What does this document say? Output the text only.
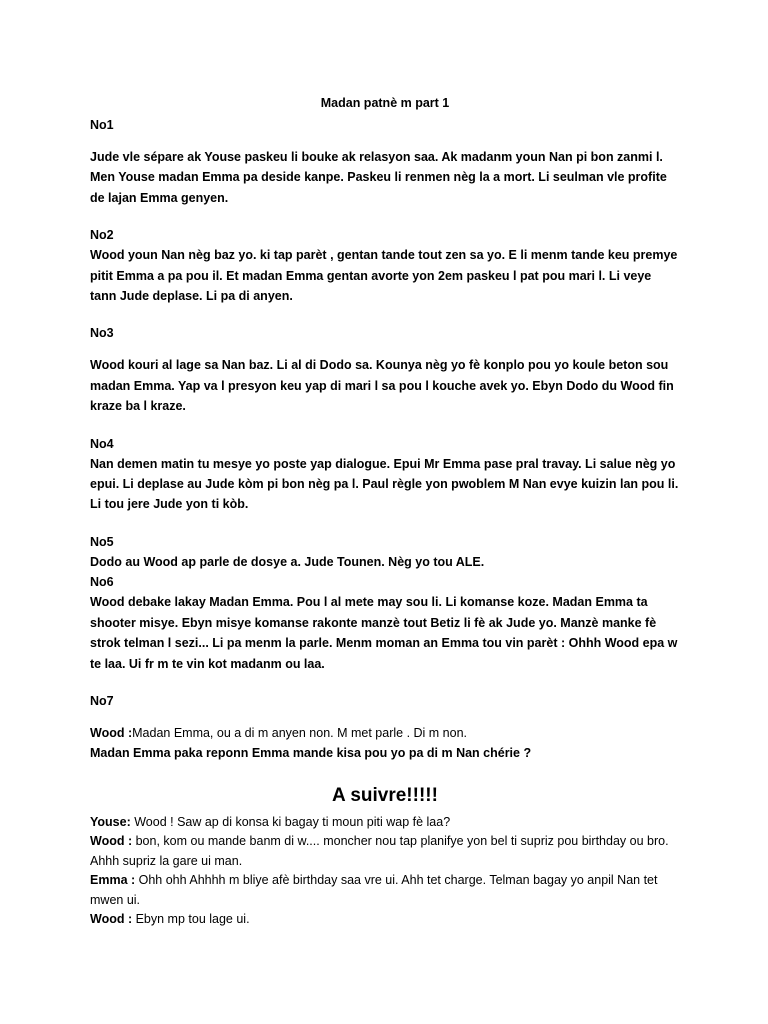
Madan patnè m part 1

No1

Jude vle sépare ak Youse paskeu li bouke ak relasyon saa. Ak madanm youn Nan pi bon zanmi l. Men Youse madan Emma pa deside kanpe. Paskeu li renmen nèg la a mort. Li seulman vle profite de lajan Emma genyen.

No2

Wood youn Nan nèg baz yo. ki tap parèt , gentan tande tout zen sa yo. E li menm tande keu premye pitit Emma a pa pou il. Et madan Emma gentan avorte yon 2em paskeu l pat pou mari l. Li veye tann Jude deplase. Li pa di anyen.

No3

Wood kouri al lage sa Nan baz. Li al di Dodo sa. Kounya nèg yo fè konplo pou yo koule beton sou madan Emma. Yap va l presyon keu yap di mari l sa pou l kouche avek yo. Ebyn Dodo du Wood fin kraze ba l kraze.

No4

Nan demen matin tu mesye yo poste yap dialogue. Epui Mr Emma pase pral travay. Li salue nèg yo epui. Li deplase au Jude kòm pi bon nèg pa l. Paul règle yon pwoblem M Nan evye kuizin lan pou li. Li tou jere Jude yon ti kòb.

No5

Dodo au Wood ap parle de dosye a. Jude Tounen. Nèg yo tou ALE.

No6

Wood debake lakay Madan Emma. Pou l al mete may sou li. Li komanse koze. Madan Emma ta shooter misye. Ebyn misye komanse rakonte manzè tout Betiz li fè ak Jude yo. Manzè manke fè strok telman l sezi... Li pa menm la parle. Menm moman an Emma tou vin parèt : Ohhh Wood epa w te laa. Ui fr m te vin kot madanm ou laa.

No7

Wood :Madan Emma, ou a di m anyen non. M met parle . Di m non.

Madan Emma paka reponn Emma mande kisa pou yo pa di m Nan chérie ?

A suivre!!!!!

Youse: Wood ! Saw ap di konsa ki bagay ti moun piti wap fè laa?

Wood : bon, kom ou mande banm di w.... moncher nou tap planifye yon bel ti supriz pou birthday ou bro. Ahhh supriz la gare ui man.

Emma : Ohh ohh Ahhhh m bliye afè birthday saa vre ui. Ahh tet charge. Telman bagay yo anpil Nan tet mwen ui.

Wood : Ebyn mp tou lage ui.
